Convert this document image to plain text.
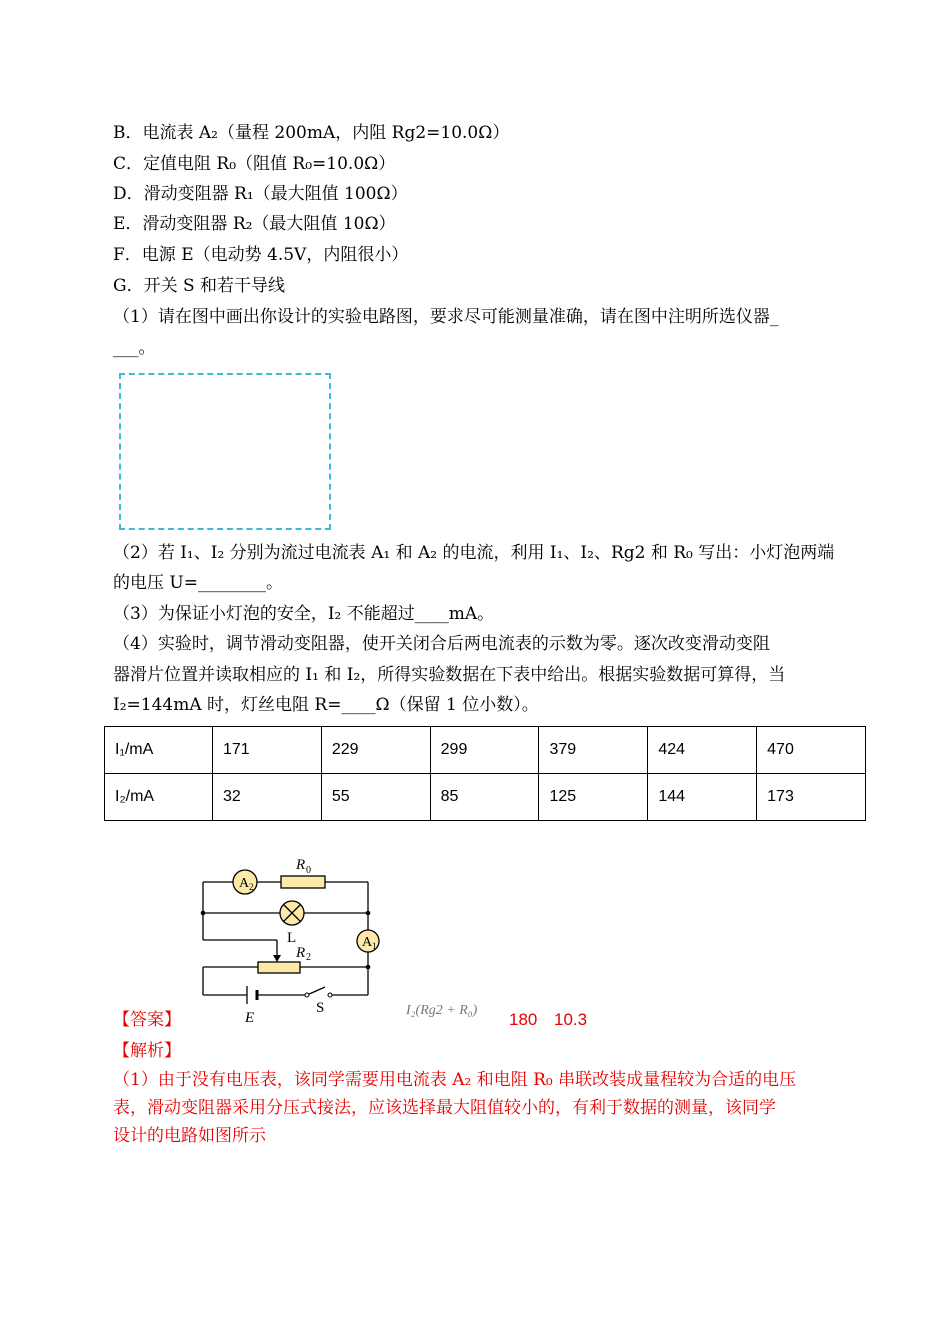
B．电流表 A₂（量程 200mA，内阻 Rg2=10.0Ω）
C．定值电阻 R₀（阻值 R₀=10.0Ω）
D．滑动变阻器 R₁（最大阻值 100Ω）
E．滑动变阻器 R₂（最大阻值 10Ω）
F．电源 E（电动势 4.5V，内阻很小）
G．开关 S 和若干导线
（1）请在图中画出你设计的实验电路图，要求尽可能测量准确，请在图中注明所选仪器_
___。
（2）若 I₁、I₂ 分别为流过电流表 A₁ 和 A₂ 的电流，利用 I₁、I₂、Rg2 和 R₀ 写出：小灯泡两端
的电压 U=________。
（3）为保证小灯泡的安全，I₂ 不能超过____mA。
（4）实验时，调节滑动变阻器，使开关闭合后两电流表的示数为零。逐次改变滑动变阻
器滑片位置并读取相应的 I₁ 和 I₂，所得实验数据在下表中给出。根据实验数据可算得，当
I₂=144mA 时，灯丝电阻 R=____Ω（保留 1 位小数）。
I₁/mA	171	229	299	379	424	470
I₂/mA	32	55	85	125	144	173
A 2
A 1
R 0
L
R 2
E
S
【答案】	I₂(Rg2 + R₀) 180 10.3
【解析】
（1）由于没有电压表，该同学需要用电流表 A₂ 和电阻 R₀ 串联改装成量程较为合适的电压
表，滑动变阻器采用分压式接法，应该选择最大阻值较小的，有利于数据的测量，该同学
设计的电路如图所示
